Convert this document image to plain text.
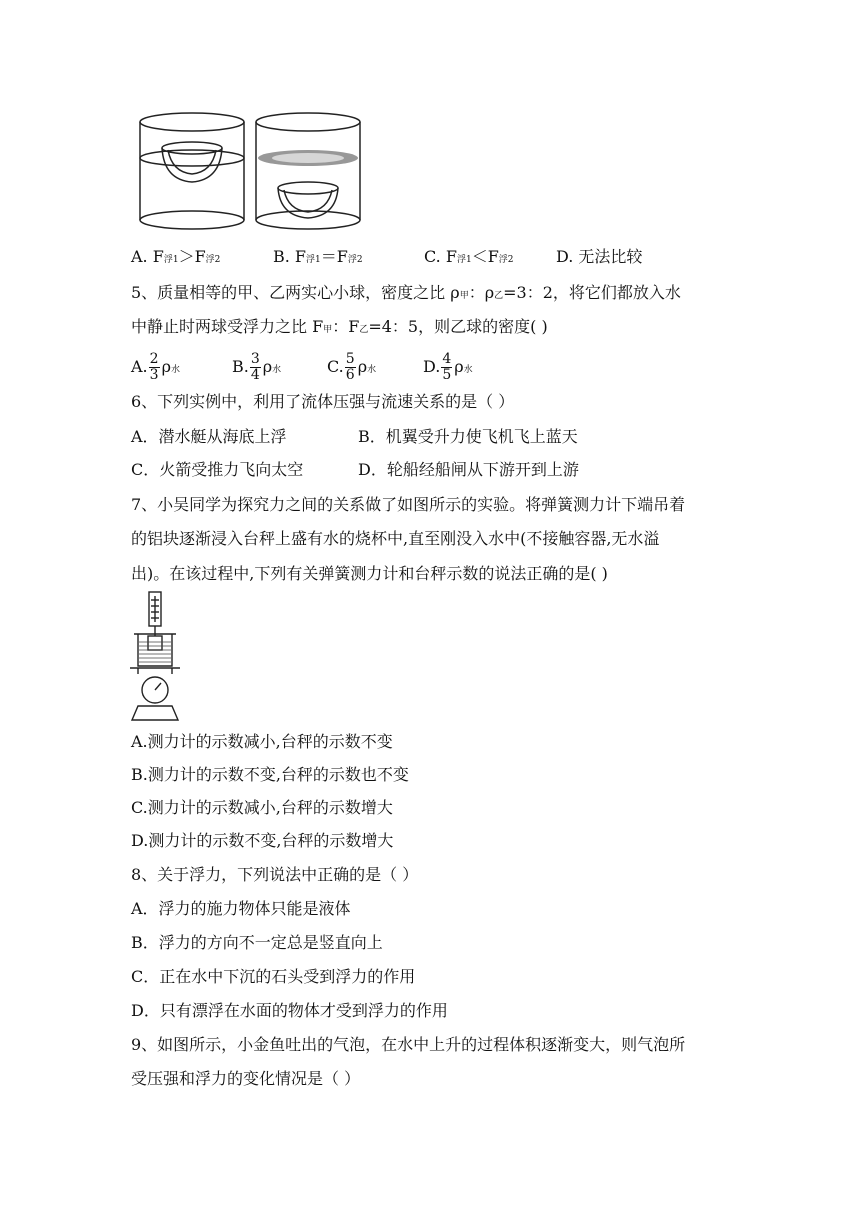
A. F浮1＞F浮2	B. F浮1＝F浮2	C. F浮1＜F浮2	D. 无法比较
5、质量相等的甲、乙两实心小球，密度之比 ρ甲：ρ乙=3：2，将它们都放入水
中静止时两球受浮力之比 F甲：F乙=4：5，则乙球的密度( )
A. $\frac{2}{3}$ ρ水	B. $\frac{3}{4}$ ρ水	C. $\frac{5}{6}$ ρ水	D. $\frac{4}{5}$ ρ水
6、下列实例中，利用了流体压强与流速关系的是（ ）
A．潜水艇从海底上浮	B．机翼受升力使飞机飞上蓝天
C．火箭受推力飞向太空	D．轮船经船闸从下游开到上游
7、小吴同学为探究力之间的关系做了如图所示的实验。将弹簧测力计下端吊着
的铝块逐渐浸入台秤上盛有水的烧杯中,直至刚没入水中(不接触容器,无水溢
出)。在该过程中,下列有关弹簧测力计和台秤示数的说法正确的是( )
A.测力计的示数减小,台秤的示数不变
B.测力计的示数不变,台秤的示数也不变
C.测力计的示数减小,台秤的示数增大
D.测力计的示数不变,台秤的示数增大
8、关于浮力，下列说法中正确的是（ ）
A．浮力的施力物体只能是液体
B．浮力的方向不一定总是竖直向上
C．正在水中下沉的石头受到浮力的作用
D．只有漂浮在水面的物体才受到浮力的作用
9、如图所示，小金鱼吐出的气泡，在水中上升的过程体积逐渐变大，则气泡所
受压强和浮力的变化情况是（ ）
